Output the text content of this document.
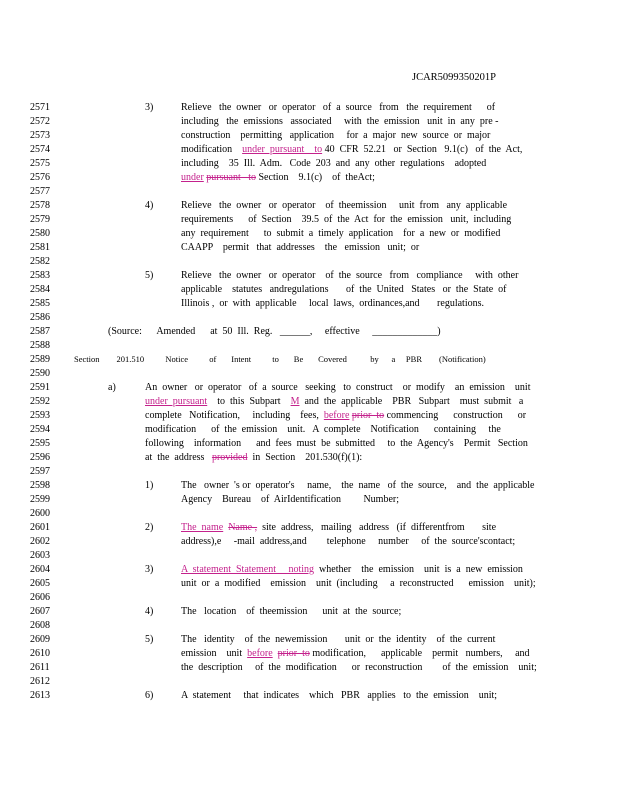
JCAR5099350201P
2571
2572
2573
2574
2575
2576
2577
2578
2579
2580
2581
2582
2583
2584
2585
2586
2587
2588
2589
2590
2591
2592
2593
2594
2595
2596
2597
2598
2599
2600
2601
2602
2603
2604
2605
2606
2607
2608
2609
2610
2611
2612
2613
3)	Relieve   the  owner   or  operator   of  a  source   from   the  requirement      of
including   the  emissions   associated     with  the  emission   unit  in  any  pre -
construction    permitting   application     for  a  major  new  source  or  major
modification    under  pursuant    to 40  CFR  52.21   or  Section   9.1(c)   of  the  Act,
including    35  Ill.  Adm.   Code  203  and  any  other  regulations    adopted
under pursuant   to Section    9.1(c)    of  theAct;
4)	Relieve   the  owner   or  operator    of  theemission     unit  from   any  applicable
requirements      of  Section    39.5  of  the  Act  for  the  emission   unit,  including
any  requirement      to  submit  a  timely  application    for  a  new  or  modified
CAAPP    permit   that  addresses    the   emission   unit;  or
5)	Relieve   the  owner   or  operator    of  the  source   from   compliance     with  other
applicable    statutes   andregulations       of  the  United   States   or  the  State  of
Illinois ,  or  with  applicable     local  laws,  ordinances,and       regulations.
(Source:      Amended      at  50  Ill.  Reg.   ______,     effective     _____________)
Section        201.510          Notice          of       Intent          to       Be       Covered           by      a     PBR        (Notification)
a)	An  owner   or  operator   of  a  source   seeking   to  construct    or  modify    an  emission    unit
under  pursuant    to  this  Subpart    M  and  the  applicable    PBR   Subpart    must  submit   a
complete   Notification,     including    fees,  before prior  to commencing      construction      or
modification      of  the  emission    unit.   A  complete    Notification      containing     the
following    information      and  fees  must  be  submitted     to  the  Agency's    Permit   Section
at  the  address   provided  in  Section    201.530(f)(1):
1)	The   owner  's or  operator's     name,    the  name   of  the  source,    and  the  applicable
Agency    Bureau    of  AirIdentification         Number;
2)	The  name Name ,  site  address,   mailing   address   (if  differentfrom       site
address),e     -mail  address,and        telephone     number     of  the  source'scontact;
3)	A  statement  Statement     noting  whether    the  emission    unit  is  a  new  emission
unit  or  a  modified    emission    unit  (including     a  reconstructed      emission    unit);
4)	The   location    of  theemission      unit  at  the  source;
5)	The   identity    of  the  newemission       unit  or  the  identity    of  the  current
emission    unit  before prior  to modification,      applicable    permit   numbers,     and
the  description     of  the  modification      or  reconstruction        of  the  emission    unit;
6)	A  statement     that  indicates    which   PBR   applies   to  the  emission    unit;
